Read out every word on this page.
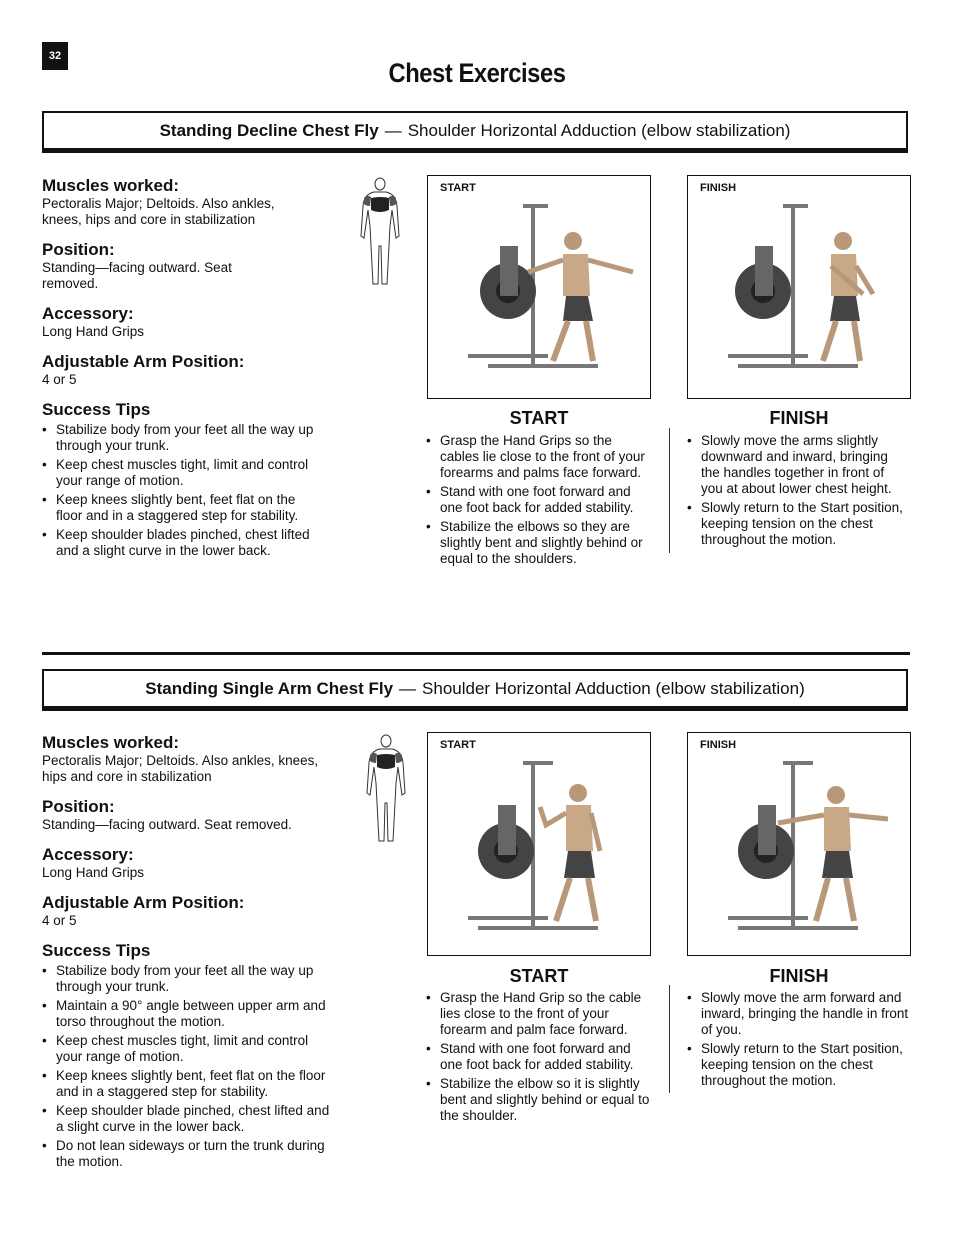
32
Chest Exercises
Standing Decline Chest Fly — Shoulder Horizontal Adduction (elbow stabilization)
Muscles worked:
Pectoralis Major; Deltoids. Also ankles, knees, hips and core in stabilization
Position:
Standing—facing outward. Seat removed.
Accessory:
Long Hand Grips
Adjustable Arm Position:
4 or 5
Success Tips
• Stabilize body from your feet all the way up through your trunk.
• Keep chest muscles tight, limit and control your range of motion.
• Keep knees slightly bent, feet flat on the floor and in a staggered step for stability.
• Keep shoulder blades pinched, chest lifted and a slight curve in the lower back.
START	FINISH
START	FINISH
• Grasp the Hand Grips so the cables lie close to the front of your forearms and palms face forward.
• Stand with one foot forward and one foot back for added stability.
• Stabilize the elbows so they are slightly bent and slightly behind or equal to the shoulders.
• Slowly move the arms slightly downward and inward, bringing the handles together in front of you at about lower chest height.
• Slowly return to the Start position, keeping tension on the chest throughout the motion.
Standing Single Arm Chest Fly — Shoulder Horizontal Adduction (elbow stabilization)
Muscles worked:
Pectoralis Major; Deltoids. Also ankles, knees, hips and core in stabilization
Position:
Standing—facing outward. Seat removed.
Accessory:
Long Hand Grips
Adjustable Arm Position:
4 or 5
Success Tips
• Stabilize body from your feet all the way up through your trunk.
• Maintain a 90° angle between upper arm and torso throughout the motion.
• Keep chest muscles tight, limit and control your range of motion.
• Keep knees slightly bent, feet flat on the floor and in a staggered step for stability.
• Keep shoulder blade pinched, chest lifted and a slight curve in the lower back.
• Do not lean sideways or turn the trunk during the motion.
START	FINISH
START	FINISH
• Grasp the Hand Grip so the cable lies close to the front of your forearm and palm face forward.
• Stand with one foot forward and one foot back for added stability.
• Stabilize the elbow so it is slightly bent and slightly behind or equal to the shoulder.
• Slowly move the arm forward and inward, bringing the handle in front of you.
• Slowly return to the Start position, keeping tension on the chest throughout the motion.
